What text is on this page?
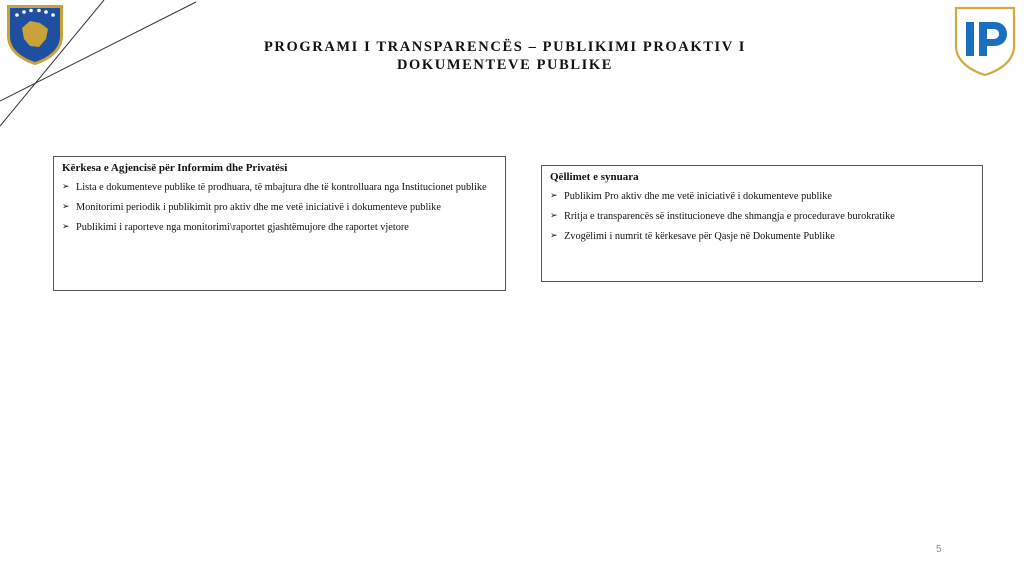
PROGRAMI I TRANSPARENCËS – PUBLIKIMI PROAKTIV I DOKUMENTEVE PUBLIKE
Kërkesa e Agjencisë për Informim dhe Privatësi
➢ Lista e dokumenteve publike të prodhuara, të mbajtura dhe të kontrolluara nga Institucionet publike
➢ Monitorimi periodik i publikimit pro aktiv dhe me vetë iniciativë i dokumenteve publike
➢ Publikimi i raporteve nga monitorimi\raportet gjashtëmujore dhe raportet vjetore
Qëllimet e synuara
➢ Publikim Pro aktiv dhe me vetë iniciativë i dokumenteve publike
➢ Rritja e transparencës së institucioneve dhe shmangja e procedurave burokratike
➢ Zvogëlimi i numrit të kërkesave për Qasje në Dokumente Publike
5
